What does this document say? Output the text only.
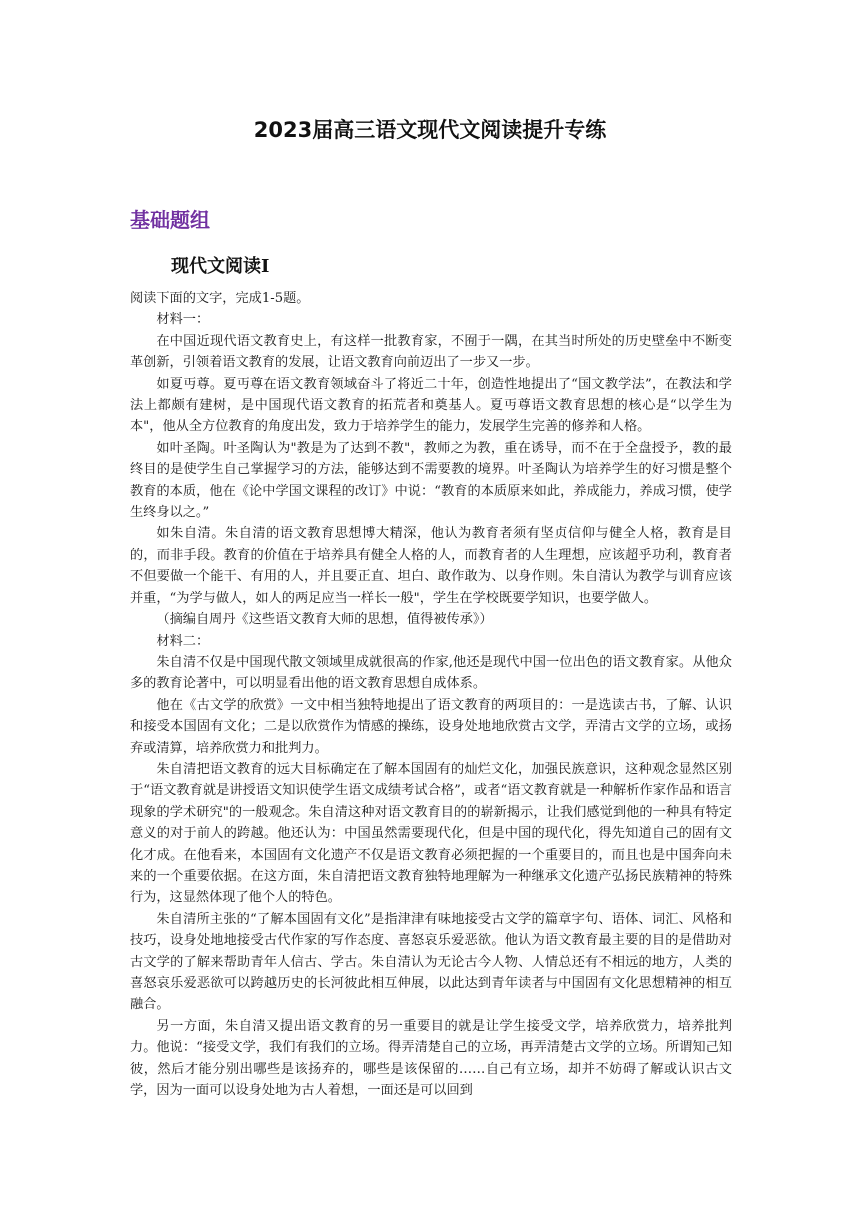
2023届高三语文现代文阅读提升专练
基础题组
现代文阅读Ⅰ

阅读下面的文字，完成1-5题。

材料一：

在中国近现代语文教育史上，有这样一批教育家，不囿于一隅，在其当时所处的历史壁垒中不断变革创新，引领着语文教育的发展，让语文教育向前迈出了一步又一步。

如夏丏尊。夏丏尊在语文教育领域奋斗了将近二十年，创造性地提出了“国文教学法”，在教法和学法上都颇有建树，是中国现代语文教育的拓荒者和奠基人。夏丏尊语文教育思想的核心是“以学生为本"，他从全方位教育的角度出发，致力于培养学生的能力，发展学生完善的修养和人格。

如叶圣陶。叶圣陶认为"教是为了达到不教"，教师之为教，重在诱导，而不在于全盘授予，教的最终目的是使学生自己掌握学习的方法，能够达到不需要教的境界。叶圣陶认为培养学生的好习惯是整个教育的本质，他在《论中学国文课程的改订》中说：“教育的本质原来如此，养成能力，养成习惯，使学生终身以之。”

如朱自清。朱自清的语文教育思想博大精深，他认为教育者须有坚贞信仰与健全人格，教育是目的，而非手段。教育的价值在于培养具有健全人格的人，而教育者的人生理想，应该超乎功利，教育者不但要做一个能干、有用的人，并且要正直、坦白、敢作敢为、以身作则。朱自清认为教学与训育应该并重，“为学与做人，如人的两足应当一样长一般"，学生在学校既要学知识，也要学做人。

（摘编自周丹《这些语文教育大师的思想，值得被传承》）

材料二：

朱自清不仅是中国现代散文领域里成就很高的作家,他还是现代中国一位出色的语文教育家。从他众多的教育论著中，可以明显看出他的语文教育思想自成体系。

他在《古文学的欣赏》一文中相当独特地提出了语文教育的两项目的：一是选读古书，了解、认识和接受本国固有文化；二是以欣赏作为情感的操练，设身处地地欣赏古文学，弄清古文学的立场，或扬弃或清算，培养欣赏力和批判力。

朱自清把语文教育的远大目标确定在了解本国固有的灿烂文化，加强民族意识，这种观念显然区别于“语文教育就是讲授语文知识使学生语文成绩考试合格”，或者“语文教育就是一种解析作家作品和语言现象的学术研究"的一般观念。朱自清这种对语文教育目的的崭新揭示，让我们感觉到他的一种具有特定意义的对于前人的跨越。他还认为：中国虽然需要现代化，但是中国的现代化，得先知道自己的固有文化才成。在他看来，本国固有文化遗产不仅是语文教育必须把握的一个重要目的，而且也是中国奔向未来的一个重要依据。在这方面，朱自清把语文教育独特地理解为一种继承文化遗产弘扬民族精神的特殊行为，这显然体现了他个人的特色。

朱自清所主张的“了解本国固有文化”是指津津有味地接受古文学的篇章字句、语体、词汇、风格和技巧，设身处地地接受古代作家的写作态度、喜怒哀乐爱恶欲。他认为语文教育最主要的目的是借助对古文学的了解来帮助青年人信古、学古。朱自清认为无论古今人物、人情总还有不相远的地方，人类的喜怒哀乐爱恶欲可以跨越历史的长河彼此相互伸展，以此达到青年读者与中国固有文化思想精神的相互融合。

另一方面，朱自清又提出语文教育的另一重要目的就是让学生接受文学，培养欣赏力，培养批判力。他说：“接受文学，我们有我们的立场。得弄清楚自己的立场，再弄清楚古文学的立场。所谓知己知彼，然后才能分别出哪些是该扬弃的，哪些是该保留的……自己有立场，却并不妨碍了解或认识古文学，因为一面可以设身处地为古人着想，一面还是可以回到
